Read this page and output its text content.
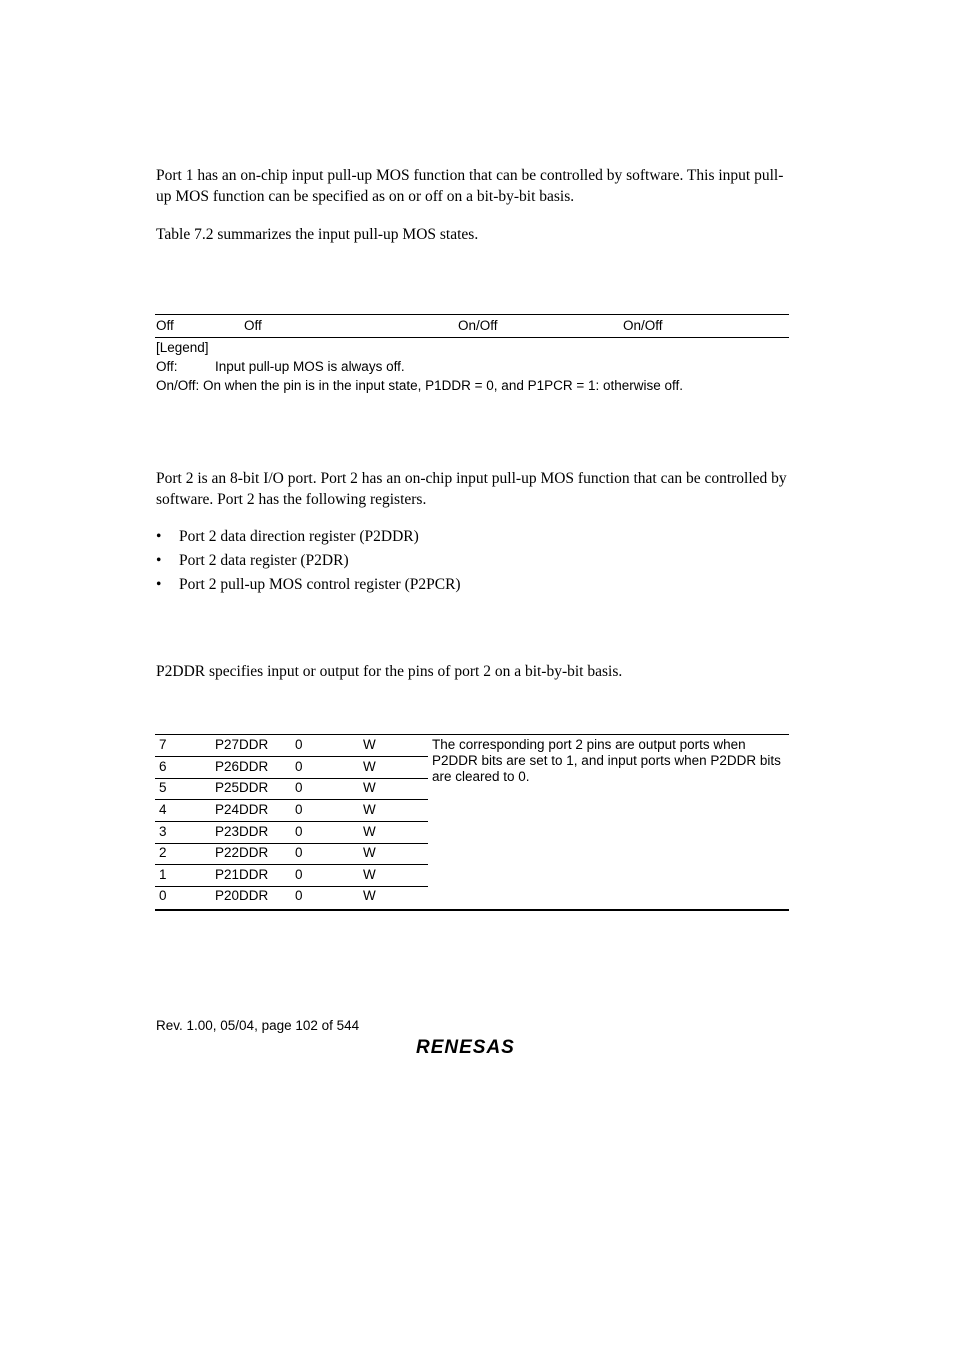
Port 1 has an on-chip input pull-up MOS function that can be controlled by software. This input pull-up MOS function can be specified as on or off on a bit-by-bit basis.

Table 7.2 summarizes the input pull-up MOS states.

Off	Off	On/Off	On/Off
[Legend]
Off:	Input pull-up MOS is always off.
On/Off: On when the pin is in the input state, P1DDR = 0, and P1PCR = 1: otherwise off.

Port 2 is an 8-bit I/O port. Port 2 has an on-chip input pull-up MOS function that can be controlled by software. Port 2 has the following registers.

• Port 2 data direction register (P2DDR)
• Port 2 data register (P2DR)
• Port 2 pull-up MOS control register (P2PCR)

P2DDR specifies input or output for the pins of port 2 on a bit-by-bit basis.

7	P27DDR 0	W
6	P26DDR 0	W
5	P25DDR 0	W
4	P24DDR 0	W
3	P23DDR 0	W
2	P22DDR 0	W
1	P21DDR 0	W
0	P20DDR 0	W
The corresponding port 2 pins are output ports when P2DDR bits are set to 1, and input ports when P2DDR bits are cleared to 0.
Rev. 1.00, 05/04, page 102 of 544
RENESAS
